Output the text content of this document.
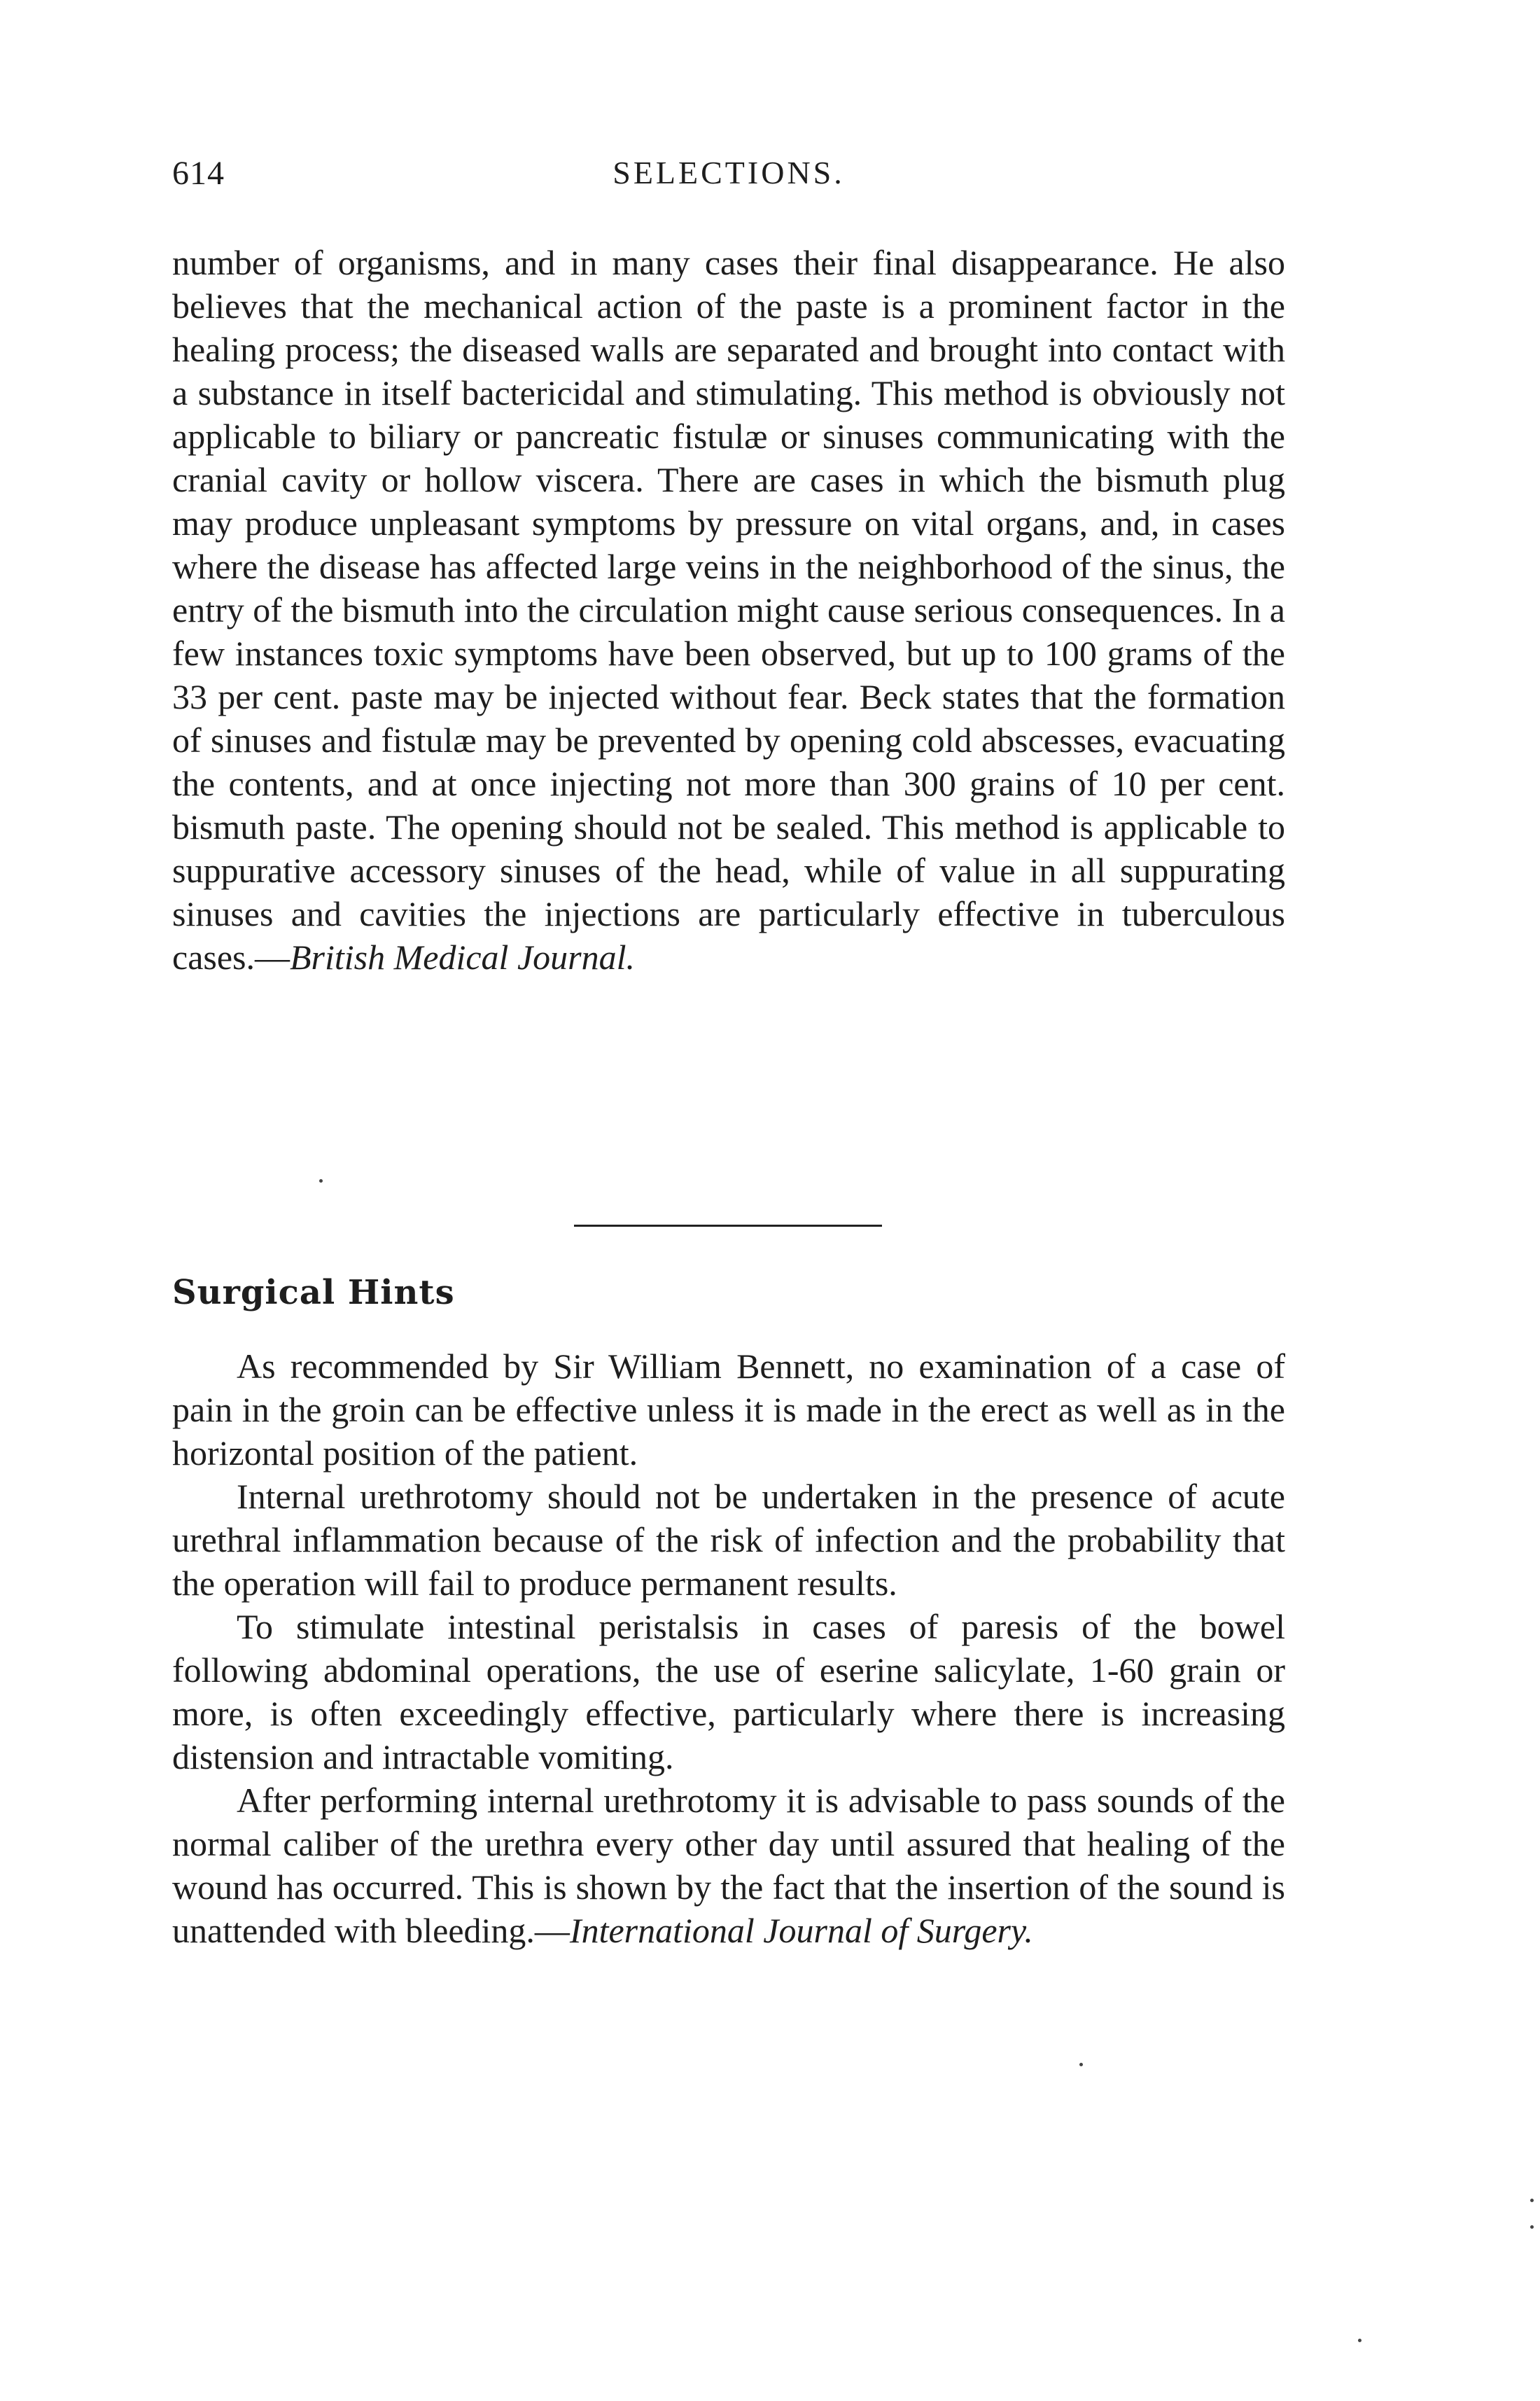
614	SELECTIONS.

number of organisms, and in many cases their final disappearance. He also believes that the mechanical action of the paste is a prominent factor in the healing process; the diseased walls are separated and brought into contact with a substance in itself bactericidal and stimulating. This method is obviously not applicable to biliary or pancreatic fistulæ or sinuses communicating with the cranial cavity or hollow viscera. There are cases in which the bismuth plug may produce unpleasant symptoms by pressure on vital organs, and, in cases where the disease has affected large veins in the neighborhood of the sinus, the entry of the bismuth into the circulation might cause serious consequences. In a few instances toxic symptoms have been observed, but up to 100 grams of the 33 per cent. paste may be injected without fear. Beck states that the formation of sinuses and fistulæ may be prevented by opening cold abscesses, evacuating the contents, and at once injecting not more than 300 grains of 10 per cent. bismuth paste. The opening should not be sealed. This method is applicable to suppurative accessory sinuses of the head, while of value in all suppurating sinuses and cavities the injections are particularly effective in tuberculous cases.—British Medical Journal.

Surgical Hints

As recommended by Sir William Bennett, no examination of a case of pain in the groin can be effective unless it is made in the erect as well as in the horizontal position of the patient.

Internal urethrotomy should not be undertaken in the presence of acute urethral inflammation because of the risk of infection and the probability that the operation will fail to produce permanent results.

To stimulate intestinal peristalsis in cases of paresis of the bowel following abdominal operations, the use of eserine salicylate, 1-60 grain or more, is often exceedingly effective, particularly where there is increasing distension and intractable vomiting.

After performing internal urethrotomy it is advisable to pass sounds of the normal caliber of the urethra every other day until assured that healing of the wound has occurred. This is shown by the fact that the insertion of the sound is unattended with bleeding.—International Journal of Surgery.
